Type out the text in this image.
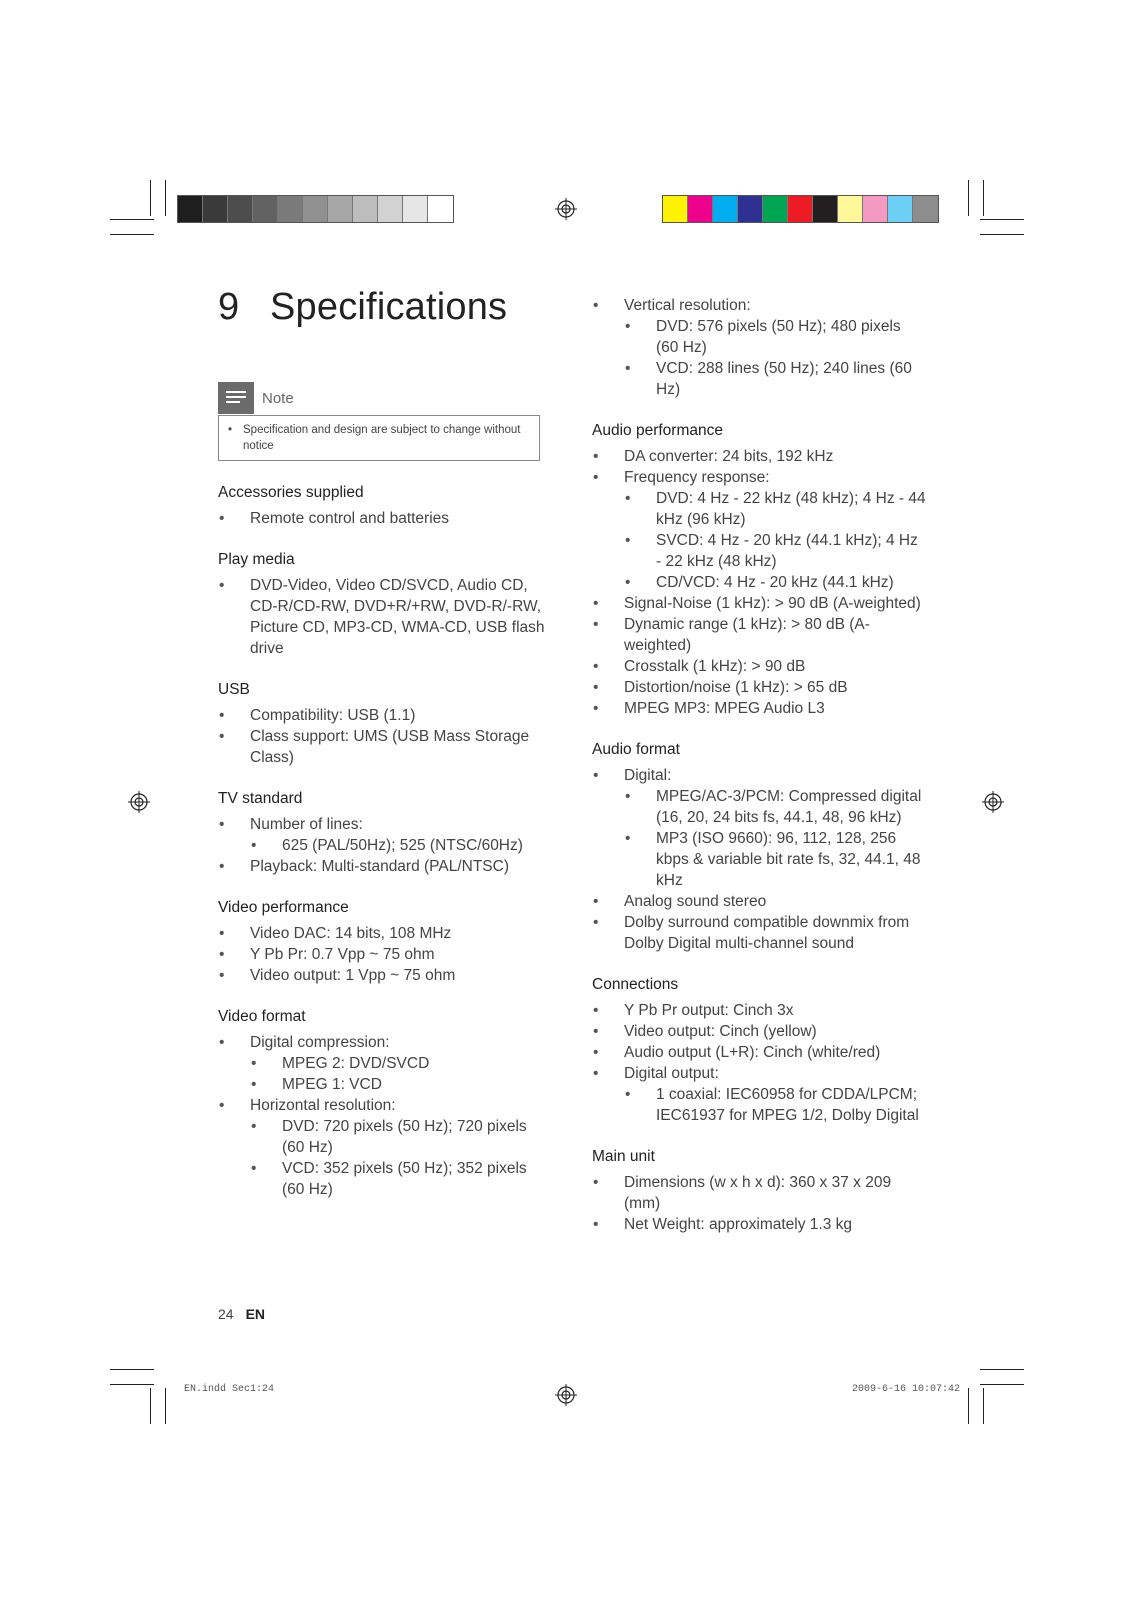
9 Specifications
Note
• Specification and design are subject to change without notice
Accessories supplied
• Remote control and batteries
Play media
• DVD-Video, Video CD/SVCD, Audio CD, CD-R/CD-RW, DVD+R/+RW, DVD-R/-RW, Picture CD, MP3-CD, WMA-CD, USB flash drive
USB
• Compatibility: USB (1.1)
• Class support: UMS (USB Mass Storage Class)
TV standard
• Number of lines:
• 625 (PAL/50Hz); 525 (NTSC/60Hz)
• Playback: Multi-standard (PAL/NTSC)
Video performance
• Video DAC: 14 bits, 108 MHz
• Y Pb Pr: 0.7 Vpp ~ 75 ohm
• Video output: 1 Vpp ~ 75 ohm
Video format
• Digital compression:
• MPEG 2: DVD/SVCD
• MPEG 1: VCD
• Horizontal resolution:
• DVD: 720 pixels (50 Hz); 720 pixels (60 Hz)
• VCD: 352 pixels (50 Hz); 352 pixels (60 Hz)
• Vertical resolution:
• DVD: 576 pixels (50 Hz); 480 pixels (60 Hz)
• VCD: 288 lines (50 Hz); 240 lines (60 Hz)
Audio performance
• DA converter: 24 bits, 192 kHz
• Frequency response:
• DVD: 4 Hz - 22 kHz (48 kHz); 4 Hz - 44 kHz (96 kHz)
• SVCD: 4 Hz - 20 kHz (44.1 kHz); 4 Hz - 22 kHz (48 kHz)
• CD/VCD: 4 Hz - 20 kHz (44.1 kHz)
• Signal-Noise (1 kHz): > 90 dB (A-weighted)
• Dynamic range (1 kHz): > 80 dB (A-weighted)
• Crosstalk (1 kHz): > 90 dB
• Distortion/noise (1 kHz): > 65 dB
• MPEG MP3: MPEG Audio L3
Audio format
• Digital:
• MPEG/AC-3/PCM: Compressed digital (16, 20, 24 bits fs, 44.1, 48, 96 kHz)
• MP3 (ISO 9660): 96, 112, 128, 256 kbps & variable bit rate fs, 32, 44.1, 48 kHz
• Analog sound stereo
• Dolby surround compatible downmix from Dolby Digital multi-channel sound
Connections
• Y Pb Pr output: Cinch 3x
• Video output: Cinch (yellow)
• Audio output (L+R): Cinch (white/red)
• Digital output:
• 1 coaxial: IEC60958 for CDDA/LPCM; IEC61937 for MPEG 1/2, Dolby Digital
Main unit
• Dimensions (w x h x d): 360 x 37 x 209 (mm)
• Net Weight: approximately 1.3 kg
24 EN
EN.indd Sec1:24	2009-6-16 10:07:42
